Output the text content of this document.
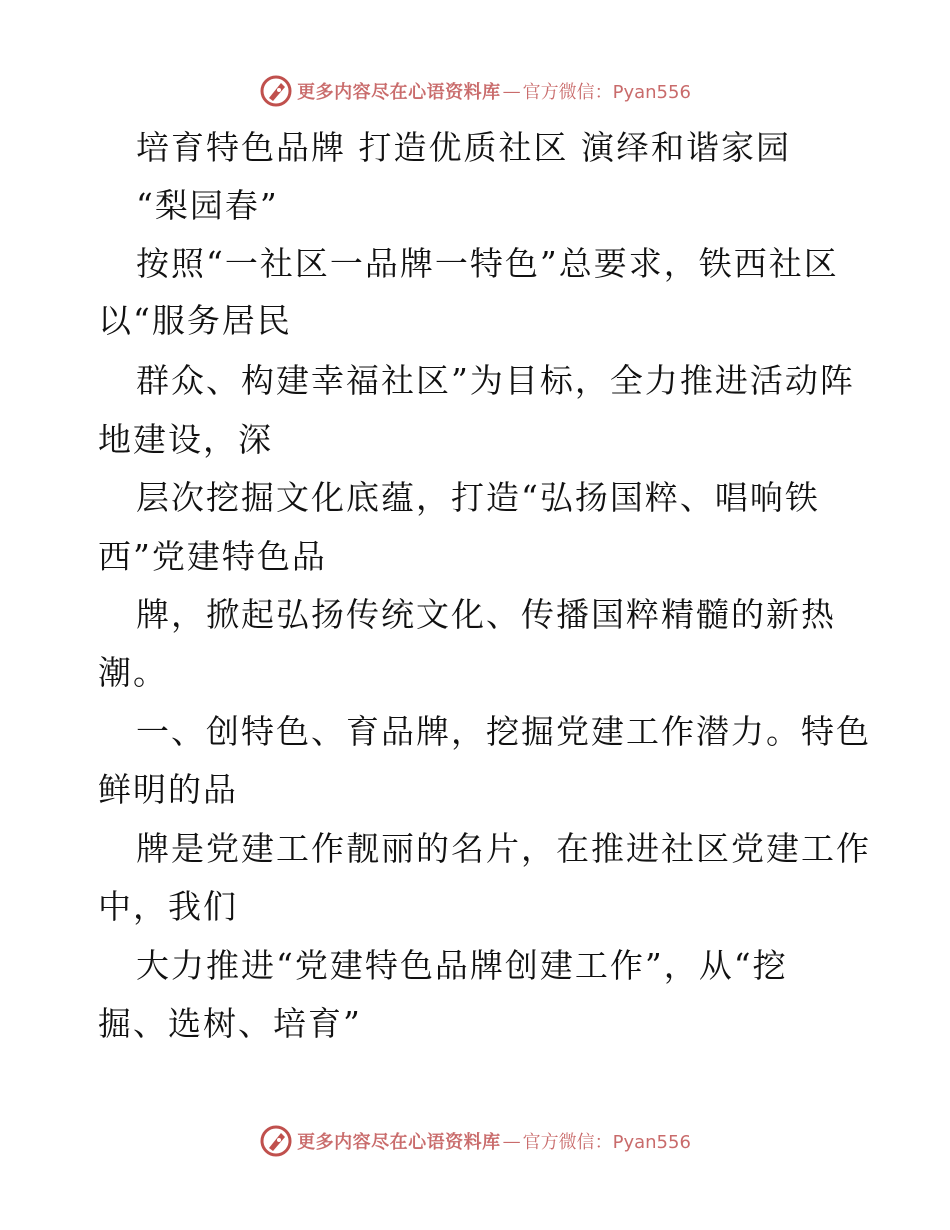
更多内容尽在心语资料库 — 官方微信：Pyan556
培育特色品牌 打造优质社区 演绎和谐家园
“梨园春”
按照“一社区一品牌一特色”总要求，铁西社区
以“服务居民
群众、构建幸福社区”为目标，全力推进活动阵
地建设，深
层次挖掘文化底蕴，打造“弘扬国粹、唱响铁
西”党建特色品
牌，掀起弘扬传统文化、传播国粹精髓的新热
潮。
一、创特色、育品牌，挖掘党建工作潜力。特色
鲜明的品
牌是党建工作靓丽的名片，在推进社区党建工作
中，我们
大力推进“党建特色品牌创建工作”，从“挖
掘、选树、培育”
更多内容尽在心语资料库 — 官方微信：Pyan556
